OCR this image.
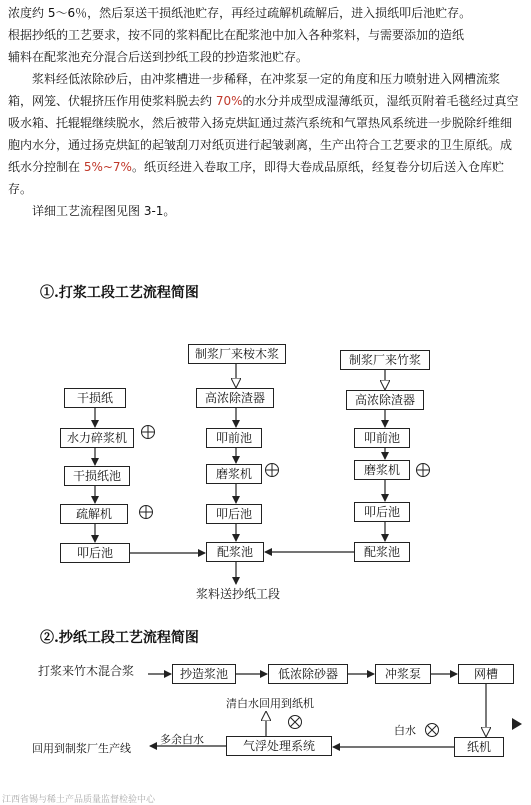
浓度约 5～6％，然后泵送干损纸池贮存，再经过疏解机疏解后，进入损纸叩后池贮存。

根据抄纸的工艺要求，按不同的浆料配比在配浆池中加入各种浆料，与需要添加的造纸

辅料在配浆池充分混合后送到抄纸工段的抄造浆池贮存。

浆料经低浓除砂后，由冲浆槽进一步稀释，在冲浆泵一定的角度和压力喷射进入网槽流浆箱，网笼、伏辊挤压作用使浆料脱去约 70%的水分并成型成湿薄纸页，湿纸页附着毛毯经过真空吸水箱、托辊辊继续脱水，然后被带入扬克烘缸通过蒸汽系统和气罩热风系统进一步脱除纤维细胞内水分，通过扬克烘缸的起皱刮刀对纸页进行起皱剥离，生产出符合工艺要求的卫生原纸。成纸水分控制在 5%~7%。纸页经进入卷取工序，即得大卷成品原纸，经复卷分切后送入仓库贮存。

详细工艺流程图见图 3-1。

①.打浆工段工艺流程简图
干损纸
水力碎浆机
干损纸池
疏解机
叩后池
制浆厂来桉木浆
高浓除渣器
叩前池
磨浆机
叩后池
配浆池
制浆厂来竹浆
高浓除渣器
叩前池
磨浆机
叩后池
配浆池
浆料送抄纸工段
②.抄纸工段工艺流程简图
打浆来竹木混合浆	抄造浆池	低浓除砂器	冲浆泵	网槽
纸机
气浮处理系统
白水
清白水回用到纸机
多余白水
回用到制浆厂生产线
江西省锡与稀土产品质量监督检验中心
